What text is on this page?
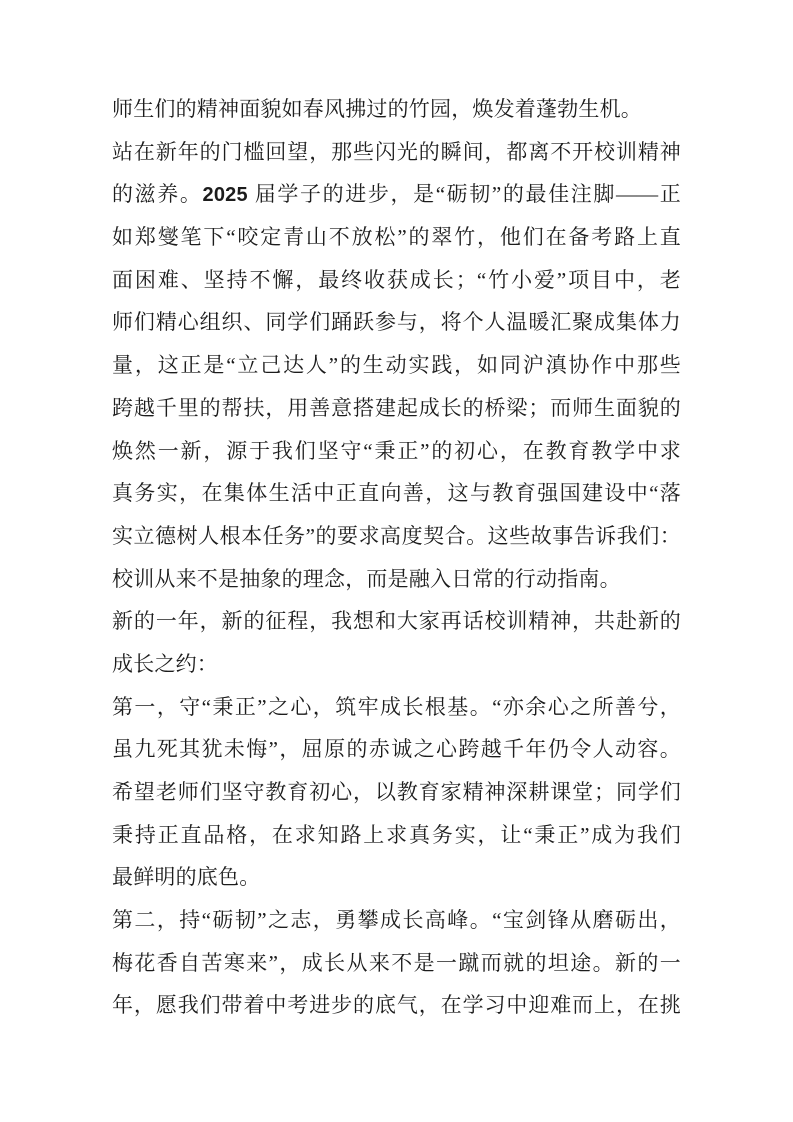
师生们的精神面貌如春风拂过的竹园，焕发着蓬勃生机。
站在新年的门槛回望，那些闪光的瞬间，都离不开校训精神
的滋养。2025 届学子的进步，是“砺韧”的最佳注脚——正
如郑燮笔下“咬定青山不放松”的翠竹，他们在备考路上直
面困难、坚持不懈，最终收获成长；“竹小爱”项目中，老
师们精心组织、同学们踊跃参与，将个人温暖汇聚成集体力
量，这正是“立己达人”的生动实践，如同沪滇协作中那些
跨越千里的帮扶，用善意搭建起成长的桥梁；而师生面貌的
焕然一新，源于我们坚守“秉正”的初心，在教育教学中求
真务实，在集体生活中正直向善，这与教育强国建设中“落
实立德树人根本任务”的要求高度契合。这些故事告诉我们：
校训从来不是抽象的理念，而是融入日常的行动指南。
新的一年，新的征程，我想和大家再话校训精神，共赴新的
成长之约：
第一，守“秉正”之心，筑牢成长根基。“亦余心之所善兮，
虽九死其犹未悔”，屈原的赤诚之心跨越千年仍令人动容。
希望老师们坚守教育初心，以教育家精神深耕课堂；同学们
秉持正直品格，在求知路上求真务实，让“秉正”成为我们
最鲜明的底色。
第二，持“砺韧”之志，勇攀成长高峰。“宝剑锋从磨砺出，
梅花香自苦寒来”，成长从来不是一蹴而就的坦途。新的一
年，愿我们带着中考进步的底气，在学习中迎难而上，在挑
